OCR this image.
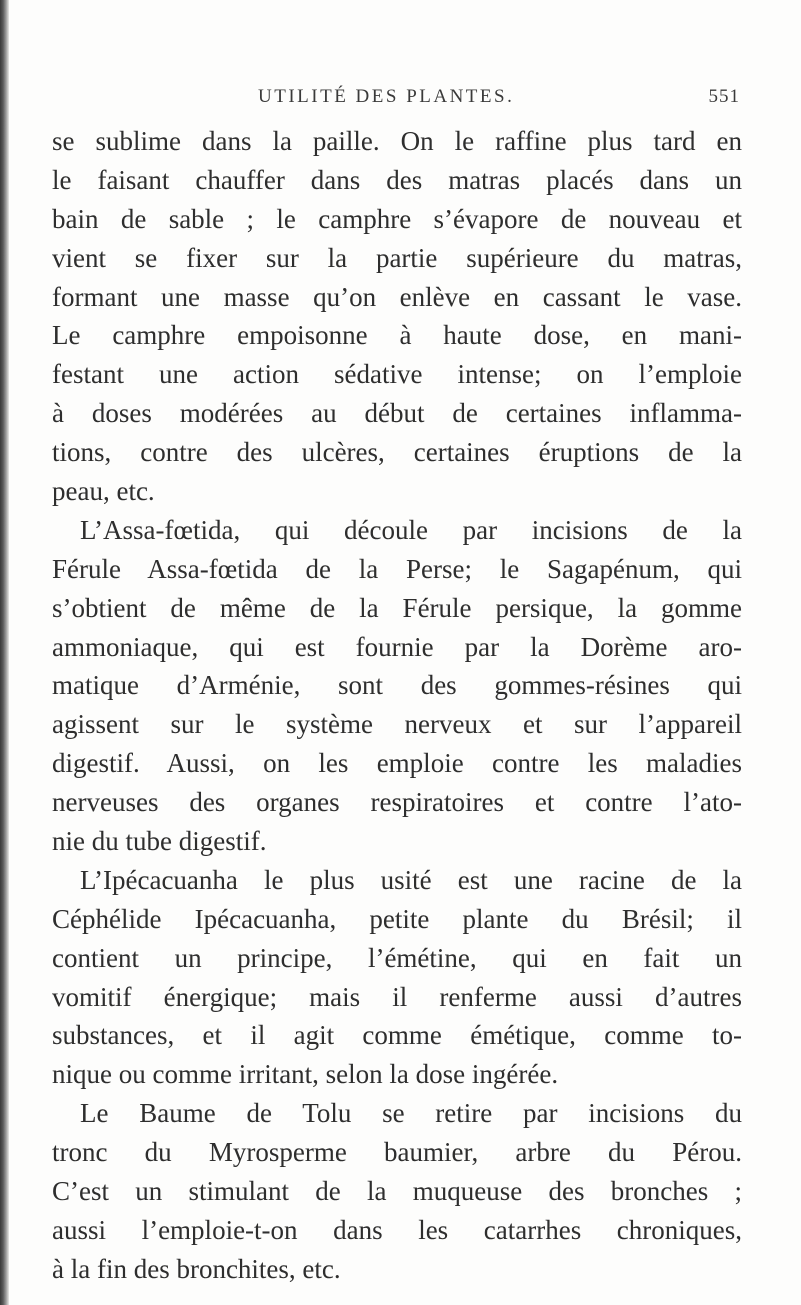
UTILITÉ DES PLANTES.	551
se sublime dans la paille. On le raffine plus tard en
le faisant chauffer dans des matras placés dans un
bain de sable ; le camphre s’évapore de nouveau et
vient se fixer sur la partie supérieure du matras,
formant une masse qu’on enlève en cassant le vase.
Le camphre empoisonne à haute dose, en mani-
festant une action sédative intense; on l’emploie
à doses modérées au début de certaines inflamma-
tions, contre des ulcères, certaines éruptions de la
peau, etc.
L’Assa-fœtida, qui découle par incisions de la
Férule Assa-fœtida de la Perse; le Sagapénum, qui
s’obtient de même de la Férule persique, la gomme
ammoniaque, qui est fournie par la Dorème aro-
matique d’Arménie, sont des gommes-résines qui
agissent sur le système nerveux et sur l’appareil
digestif. Aussi, on les emploie contre les maladies
nerveuses des organes respiratoires et contre l’ato-
nie du tube digestif.
L’Ipécacuanha le plus usité est une racine de la
Céphélide Ipécacuanha, petite plante du Brésil; il
contient un principe, l’émétine, qui en fait un
vomitif énergique; mais il renferme aussi d’autres
substances, et il agit comme émétique, comme to-
nique ou comme irritant, selon la dose ingérée.
Le Baume de Tolu se retire par incisions du
tronc du Myrosperme baumier, arbre du Pérou.
C’est un stimulant de la muqueuse des bronches ;
aussi l’emploie-t-on dans les catarrhes chroniques,
à la fin des bronchites, etc.
